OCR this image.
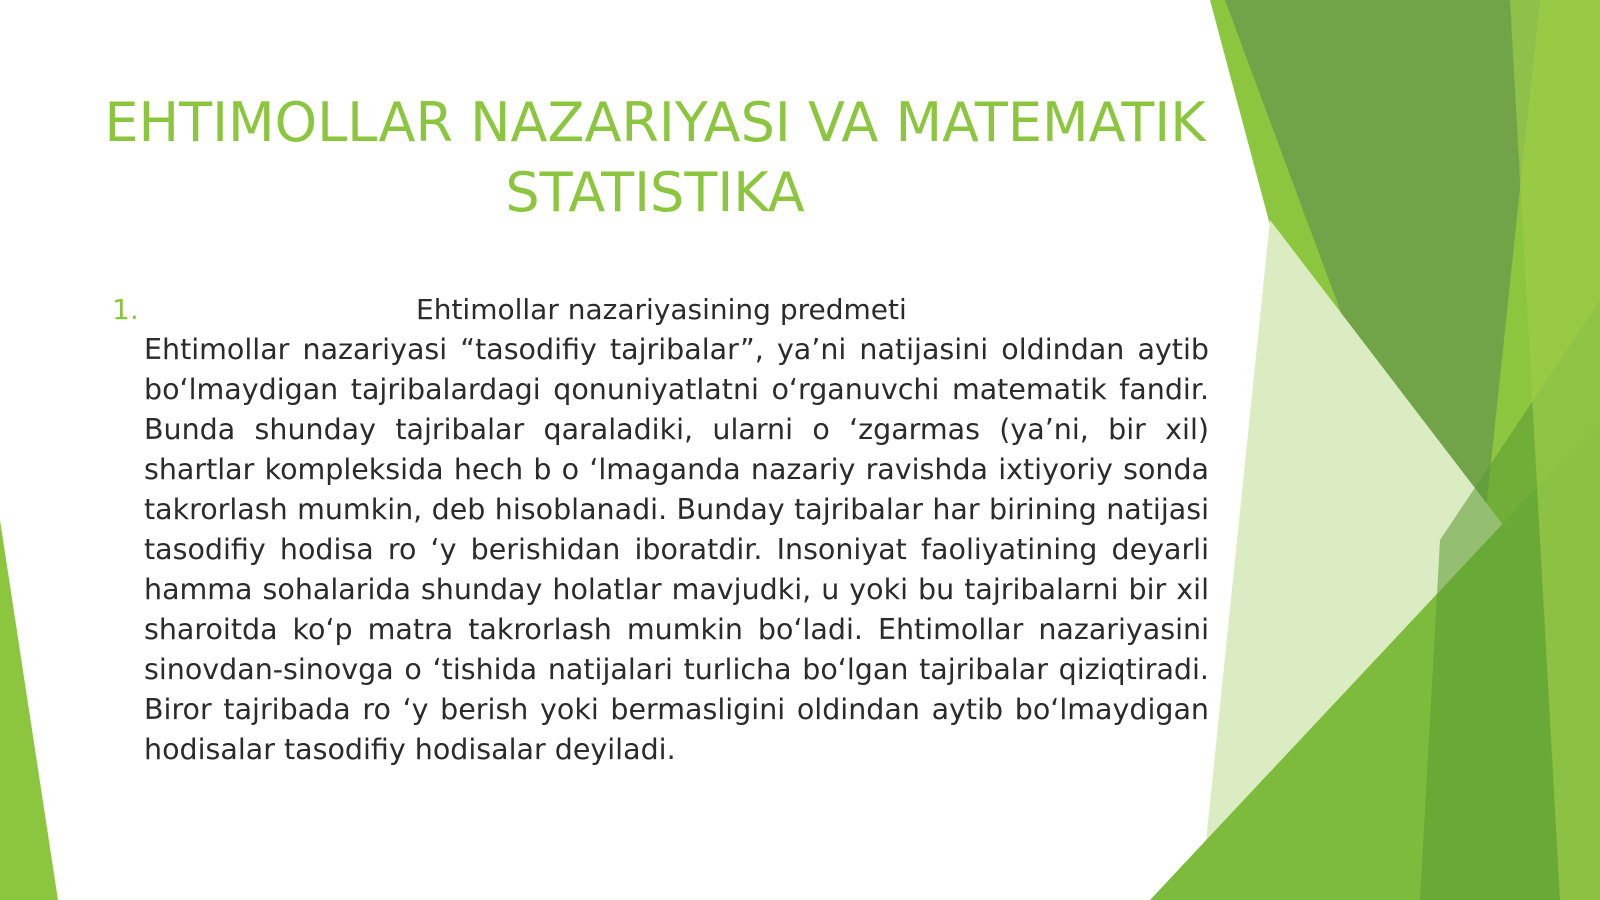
EHTIMOLLAR NAZARIYASI VA MATEMATIK
STATISTIKA
1.	Ehtimollar nazariyasining predmeti

Ehtimollar nazariyasi “tasodifiy tajribalar”, ya’ni natijasini oldindan aytib bo‘lmaydigan tajribalardagi qonuniyatlatni o‘rganuvchi matematik fandir. Bunda shunday tajribalar qaraladiki, ularni o ‘zgarmas (ya’ni, bir xil) shartlar kompleksida hech b o ‘lmaganda nazariy ravishda ixtiyoriy sonda takrorlash mumkin, deb hisoblanadi. Bunday tajribalar har birining natijasi tasodifiy hodisa ro ‘y berishidan iboratdir. Insoniyat faoliyatining deyarli hamma sohalarida shunday holatlar mavjudki, u yoki bu tajribalarni bir xil sharoitda ko‘p matra takrorlash mumkin bo‘ladi. Ehtimollar nazariyasini sinovdan-sinovga o ‘tishida natijalari turlicha bo‘lgan tajribalar qiziqtiradi. Biror tajribada ro ‘y berish yoki bermasligini oldindan aytib bo‘lmaydigan hodisalar tasodifiy hodisalar deyiladi.
